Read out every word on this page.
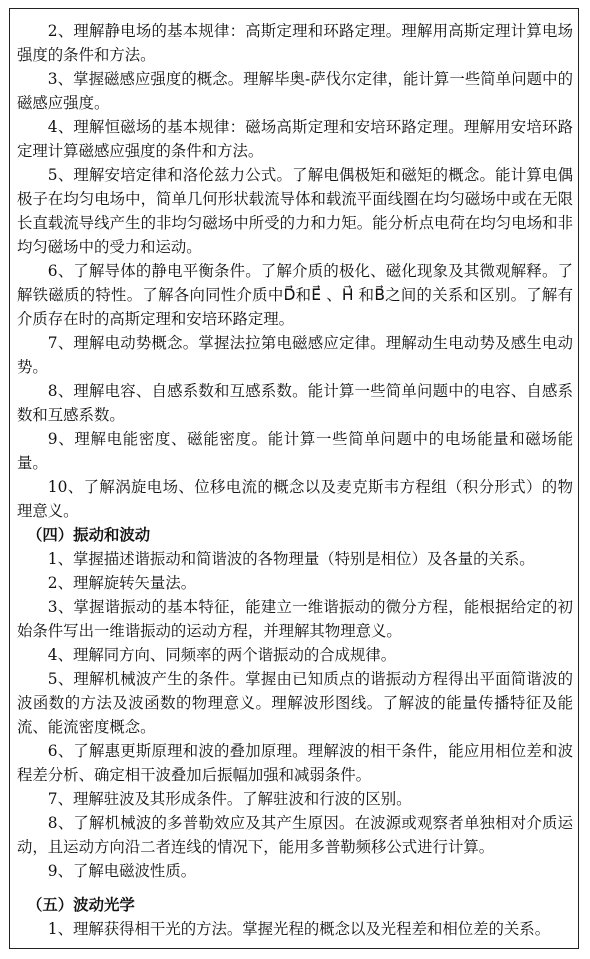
2、理解静电场的基本规律：高斯定理和环路定理。理解用高斯定理计算电场强度的条件和方法。

3、掌握磁感应强度的概念。理解毕奥-萨伐尔定律，能计算一些简单问题中的磁感应强度。

4、理解恒磁场的基本规律：磁场高斯定理和安培环路定理。理解用安培环路定理计算磁感应强度的条件和方法。

5、理解安培定律和洛伦兹力公式。了解电偶极矩和磁矩的概念。能计算电偶极子在均匀电场中，简单几何形状载流导体和载流平面线圈在均匀磁场中或在无限长直载流导线产生的非均匀磁场中所受的力和力矩。能分析点电荷在均匀电场和非均匀磁场中的受力和运动。

6、了解导体的静电平衡条件。了解介质的极化、磁化现象及其微观解释。了解铁磁质的特性。了解各向同性介质中D⃗和E⃗ 、H⃗ 和B⃗之间的关系和区别。了解有介质存在时的高斯定理和安培环路定理。

7、理解电动势概念。掌握法拉第电磁感应定律。理解动生电动势及感生电动势。

8、理解电容、自感系数和互感系数。能计算一些简单问题中的电容、自感系数和互感系数。

9、理解电能密度、磁能密度。能计算一些简单问题中的电场能量和磁场能量。

10、了解涡旋电场、位移电流的概念以及麦克斯韦方程组（积分形式）的物理意义。

（四）振动和波动

1、掌握描述谐振动和简谐波的各物理量（特别是相位）及各量的关系。

2、理解旋转矢量法。

3、掌握谐振动的基本特征，能建立一维谐振动的微分方程，能根据给定的初始条件写出一维谐振动的运动方程，并理解其物理意义。

4、理解同方向、同频率的两个谐振动的合成规律。

5、理解机械波产生的条件。掌握由已知质点的谐振动方程得出平面简谐波的波函数的方法及波函数的物理意义。理解波形图线。了解波的能量传播特征及能流、能流密度概念。

6、了解惠更斯原理和波的叠加原理。理解波的相干条件，能应用相位差和波程差分析、确定相干波叠加后振幅加强和减弱条件。

7、理解驻波及其形成条件。了解驻波和行波的区别。

8、了解机械波的多普勒效应及其产生原因。在波源或观察者单独相对介质运动，且运动方向沿二者连线的情况下，能用多普勒频移公式进行计算。

9、了解电磁波性质。

（五）波动光学

1、理解获得相干光的方法。掌握光程的概念以及光程差和相位差的关系。
